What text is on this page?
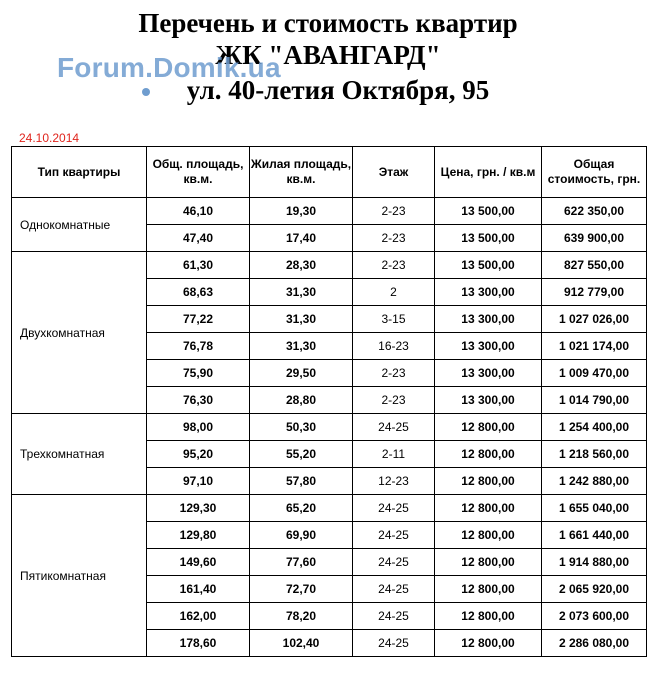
Перечень и стоимость квартир
ЖК "АВАНГАРД"
ул. 40-летия Октября, 95
Forum.Domik.ua
24.10.2014
Тип квартиры	Общ. площадь, кв.м.	Жилая площадь, кв.м.	Этаж	Цена, грн. / кв.м	Общая стоимость, грн.
Однокомнатные	46,10	19,30	2-23	13 500,00	622 350,00
	47,40	17,40	2-23	13 500,00	639 900,00
Двухкомнатная	61,30	28,30	2-23	13 500,00	827 550,00
	68,63	31,30	2	13 300,00	912 779,00
	77,22	31,30	3-15	13 300,00	1 027 026,00
	76,78	31,30	16-23	13 300,00	1 021 174,00
	75,90	29,50	2-23	13 300,00	1 009 470,00
	76,30	28,80	2-23	13 300,00	1 014 790,00
Трехкомнатная	98,00	50,30	24-25	12 800,00	1 254 400,00
	95,20	55,20	2-11	12 800,00	1 218 560,00
	97,10	57,80	12-23	12 800,00	1 242 880,00
Пятикомнатная	129,30	65,20	24-25	12 800,00	1 655 040,00
	129,80	69,90	24-25	12 800,00	1 661 440,00
	149,60	77,60	24-25	12 800,00	1 914 880,00
	161,40	72,70	24-25	12 800,00	2 065 920,00
	162,00	78,20	24-25	12 800,00	2 073 600,00
	178,60	102,40	24-25	12 800,00	2 286 080,00
